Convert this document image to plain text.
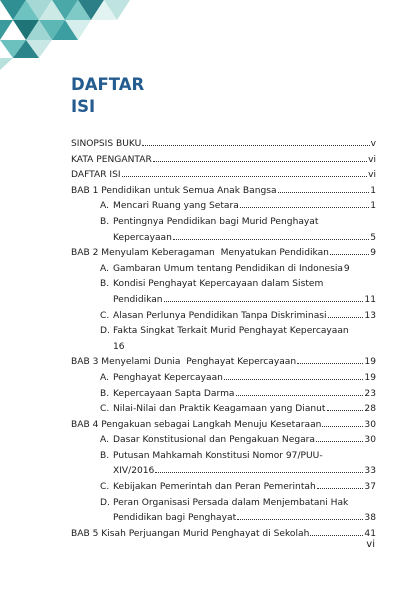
DAFTAR
ISI
SINOPSIS BUKU	v
KATA PENGANTAR	vi
DAFTAR ISI	vi
BAB 1 Pendidikan untuk Semua Anak Bangsa	1
A. Mencari Ruang yang Setara	1
B. Pentingnya Pendidikan bagi Murid Penghayat
Kepercayaan	5
BAB 2 Menyulam Keberagaman  Menyatukan Pendidikan	9
A. Gambaran Umum tentang Pendidikan di Indonesia 9
B. Kondisi Penghayat Kepercayaan dalam Sistem
Pendidikan	11
C. Alasan Perlunya Pendidikan Tanpa Diskriminasi	13
D. Fakta Singkat Terkait Murid Penghayat Kepercayaan
16
BAB 3 Menyelami Dunia  Penghayat Kepercayaan	19
A. Penghayat Kepercayaan	19
B. Kepercayaan Sapta Darma	23
C. Nilai-Nilai dan Praktik Keagamaan yang Dianut	28
BAB 4 Pengakuan sebagai Langkah Menuju Kesetaraan	30
A. Dasar Konstitusional dan Pengakuan Negara	30
B. Putusan Mahkamah Konstitusi Nomor 97/PUU-
XIV/2016	33
C. Kebijakan Pemerintah dan Peran Pemerintah	37
D. Peran Organisasi Persada dalam Menjembatani Hak
Pendidikan bagi Penghayat	38
BAB 5 Kisah Perjuangan Murid Penghayat di Sekolah	41
vi
